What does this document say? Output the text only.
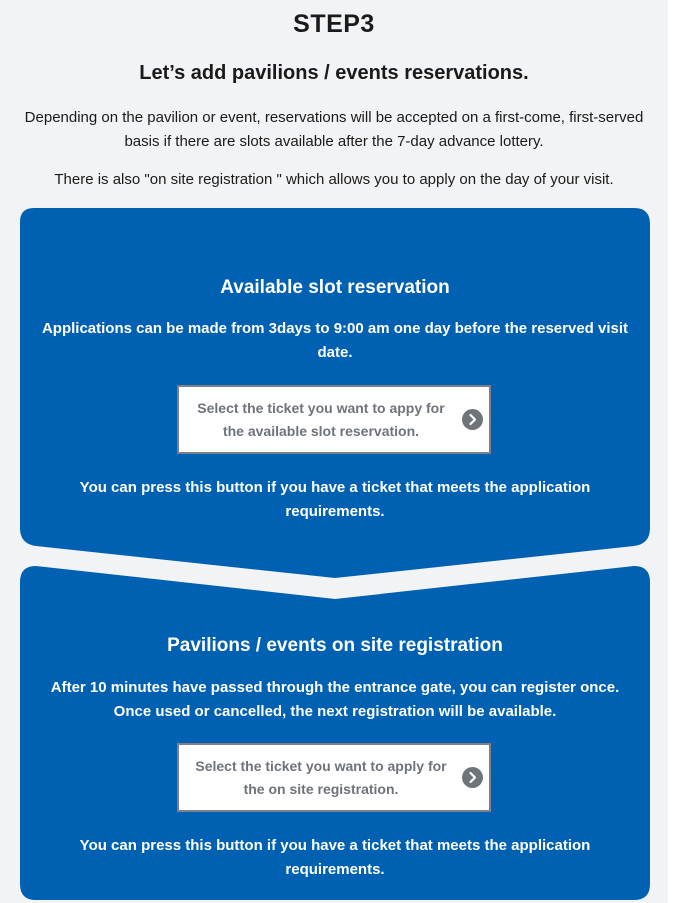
STEP3
Let’s add pavilions / events reservations.
Depending on the pavilion or event, reservations will be accepted on a first-come, first-served
basis if there are slots available after the 7-day advance lottery.
There is also "on site registration " which allows you to apply on the day of your visit.
Available slot reservation
Applications can be made from 3days to 9:00 am one day before the reserved visit
date.
Select the ticket you want to appy for
the available slot reservation.
You can press this button if you have a ticket that meets the application
requirements.
Pavilions / events on site registration
After 10 minutes have passed through the entrance gate, you can register once.
Once used or cancelled, the next registration will be available.
Select the ticket you want to apply for
the on site registration.
You can press this button if you have a ticket that meets the application
requirements.
